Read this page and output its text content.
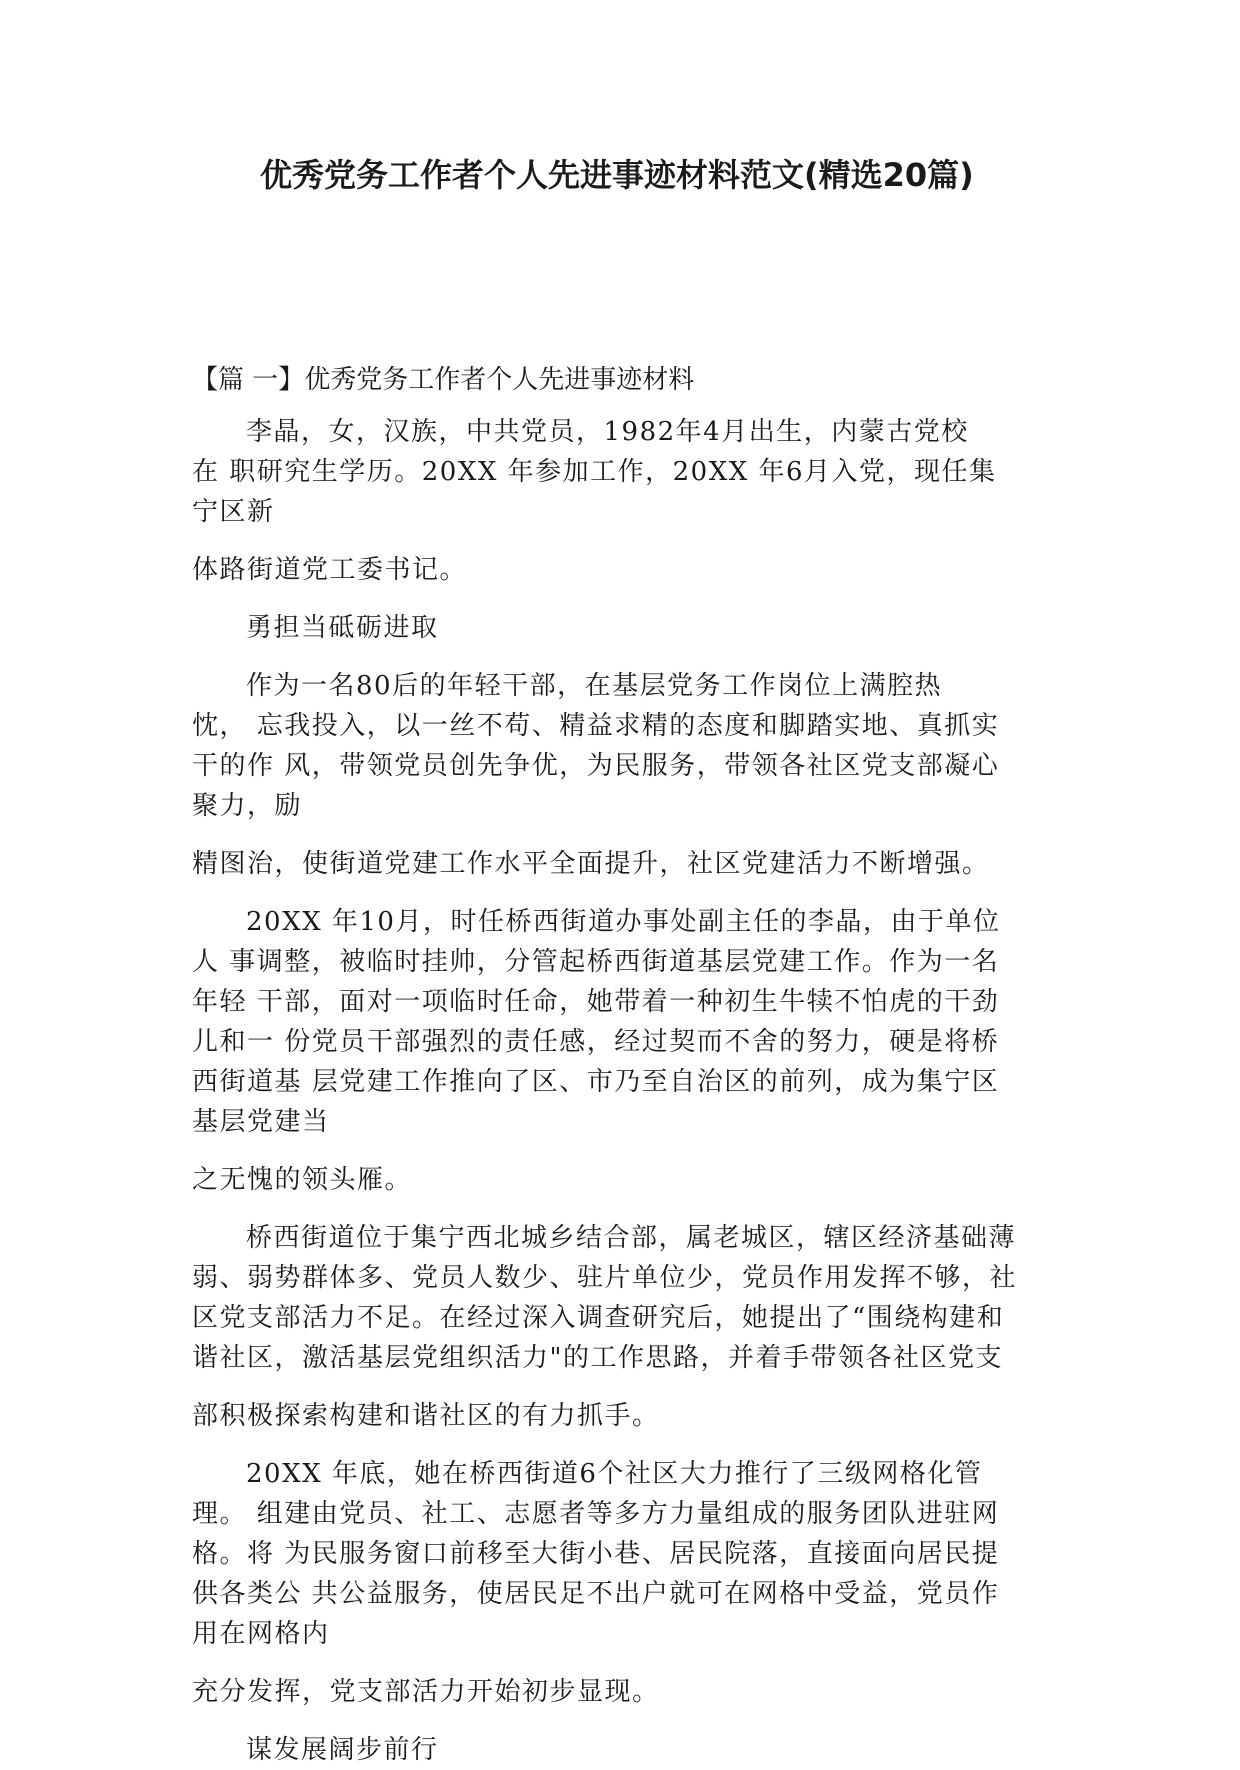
优秀党务工作者个人先进事迹材料范文(精选20篇)

【篇 一】优秀党务工作者个人先进事迹材料

李晶，女，汉族，中共党员，1982年4月出生，内蒙古党校

在 职研究生学历。20XX 年参加工作，20XX 年6月入党，现任集

宁区新

体路街道党工委书记。

勇担当砥砺进取

作为一名80后的年轻干部，在基层党务工作岗位上满腔热

忱， 忘我投入，以一丝不苟、精益求精的态度和脚踏实地、真抓实

干的作 风，带领党员创先争优，为民服务，带领各社区党支部凝心

聚力，励

精图治，使街道党建工作水平全面提升，社区党建活力不断增强。

20XX 年10月，时任桥西街道办事处副主任的李晶，由于单位

人 事调整，被临时挂帅，分管起桥西街道基层党建工作。作为一名

年轻 干部，面对一项临时任命，她带着一种初生牛犊不怕虎的干劲

儿和一 份党员干部强烈的责任感，经过契而不舍的努力，硬是将桥

西街道基 层党建工作推向了区、市乃至自治区的前列，成为集宁区

基层党建当

之无愧的领头雁。

桥西街道位于集宁西北城乡结合部，属老城区，辖区经济基础薄

弱、弱势群体多、党员人数少、驻片单位少，党员作用发挥不够，社

区党支部活力不足。在经过深入调查研究后，她提出了“围绕构建和

谐社区，激活基层党组织活力"的工作思路，并着手带领各社区党支

部积极探索构建和谐社区的有力抓手。

20XX 年底，她在桥西街道6个社区大力推行了三级网格化管

理。 组建由党员、社工、志愿者等多方力量组成的服务团队进驻网

格。将 为民服务窗口前移至大街小巷、居民院落，直接面向居民提

供各类公 共公益服务，使居民足不出户就可在网格中受益，党员作

用在网格内

充分发挥，党支部活力开始初步显现。

谋发展阔步前行
